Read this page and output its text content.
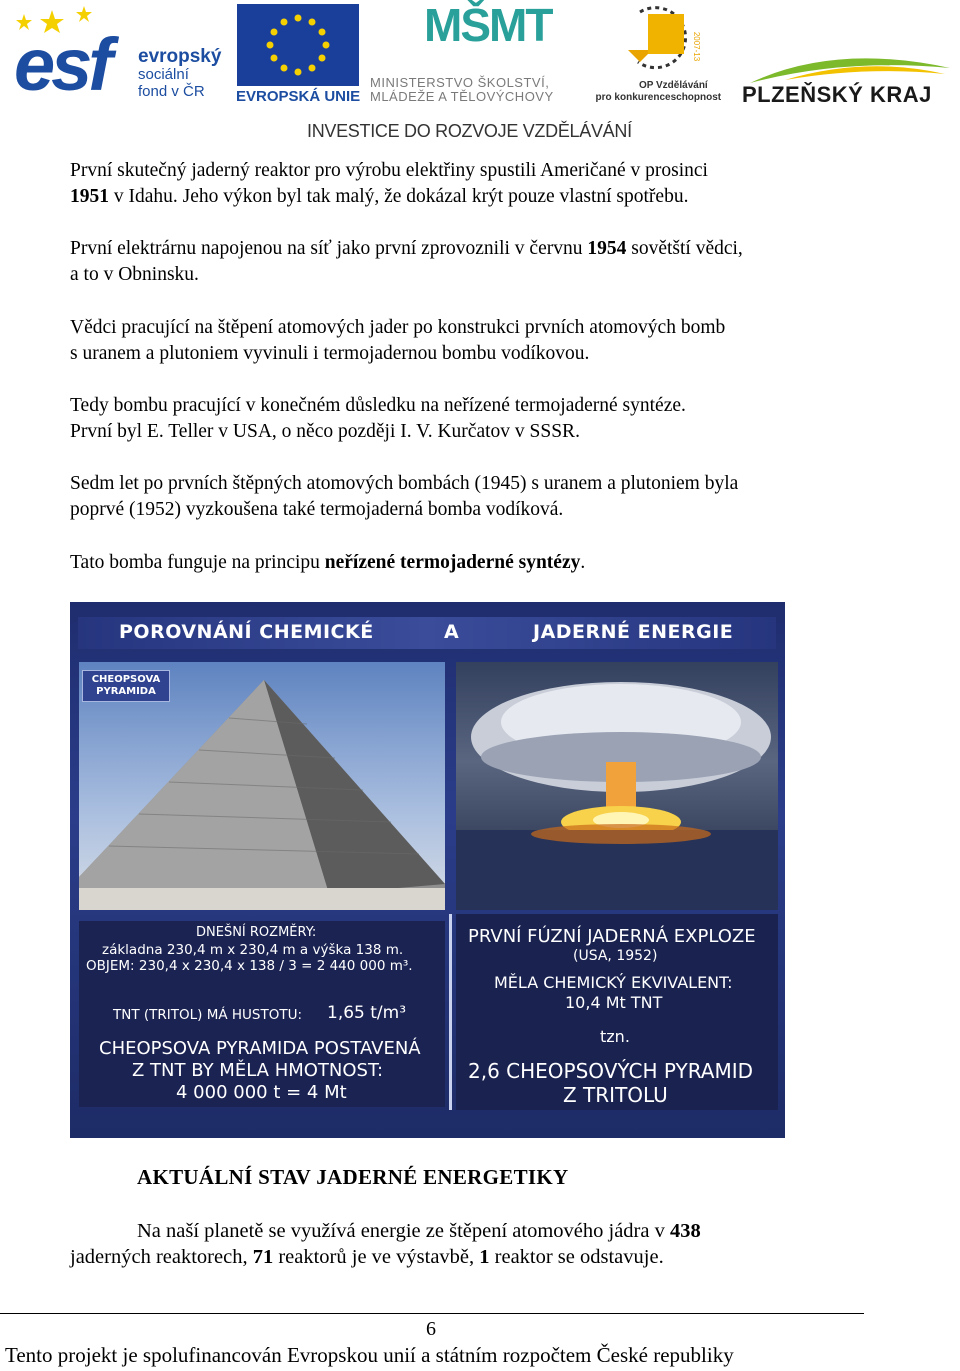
esf evropský
sociální
fond v ČR	EVROPSKÁ UNIE
MŠMT
MINISTERSTVO ŠKOLSTVÍ,
MLÁDEŽE A TĚLOVÝCHOVY
2007-13
OP Vzdělávání
pro konkurenceschopnost PLZEŇSKÝ KRAJ
INVESTICE DO ROZVOJE VZDĚLÁVÁNÍ

První skutečný jaderný reaktor pro výrobu elektřiny spustili Američané v prosinci
1951 v Idahu. Jeho výkon byl tak malý, že dokázal krýt pouze vlastní spotřebu.

První elektrárnu napojenou na síť jako první zprovoznili v červnu 1954 sovětští vědci,
a to v Obninsku.

Vědci pracující na štěpení atomových jader po konstrukci prvních atomových bomb
s uranem a plutoniem vyvinuli i termojadernou bombu vodíkovou.

Tedy bombu pracující v konečném důsledku na neřízené termojaderné syntéze.
První byl E. Teller v USA, o něco později I. V. Kurčatov v SSSR.

Sedm let po prvních štěpných atomových bombách (1945) s uranem a plutoniem byla
poprvé (1952) vyzkoušena také termojaderná bomba vodíková.

Tato bomba funguje na principu neřízené termojaderné syntézy.

POROVNÁNÍ CHEMICKÉ	A	JADERNÉ ENERGIE
CHEOPSOVA PYRAMIDA
DNEŠNÍ ROZMĚRY:
základna 230,4 m x 230,4 m a výška 138 m.
OBJEM: 230,4 x 230,4 x 138 / 3 = 2 440 000 m³.
TNT (TRITOL) MÁ HUSTOTU: 1,65 t/m³
CHEOPSOVA PYRAMIDA POSTAVENÁ
Z TNT BY MĚLA HMOTNOST:
4 000 000 t = 4 Mt
PRVNÍ FÚZNÍ JADERNÁ EXPLOZE
(USA, 1952)
MĚLA CHEMICKÝ EKVIVALENT:
10,4 Mt TNT
tzn.
2,6 CHEOPSOVÝCH PYRAMID
Z TRITOLU
AKTUÁLNÍ STAV JADERNÉ ENERGETIKY

Na naší planetě se využívá energie ze štěpení atomového jádra v 438
jaderných reaktorech, 71 reaktorů je ve výstavbě, 1 reaktor se odstavuje.

6
Tento projekt je spolufinancován Evropskou unií a státním rozpočtem České republiky
